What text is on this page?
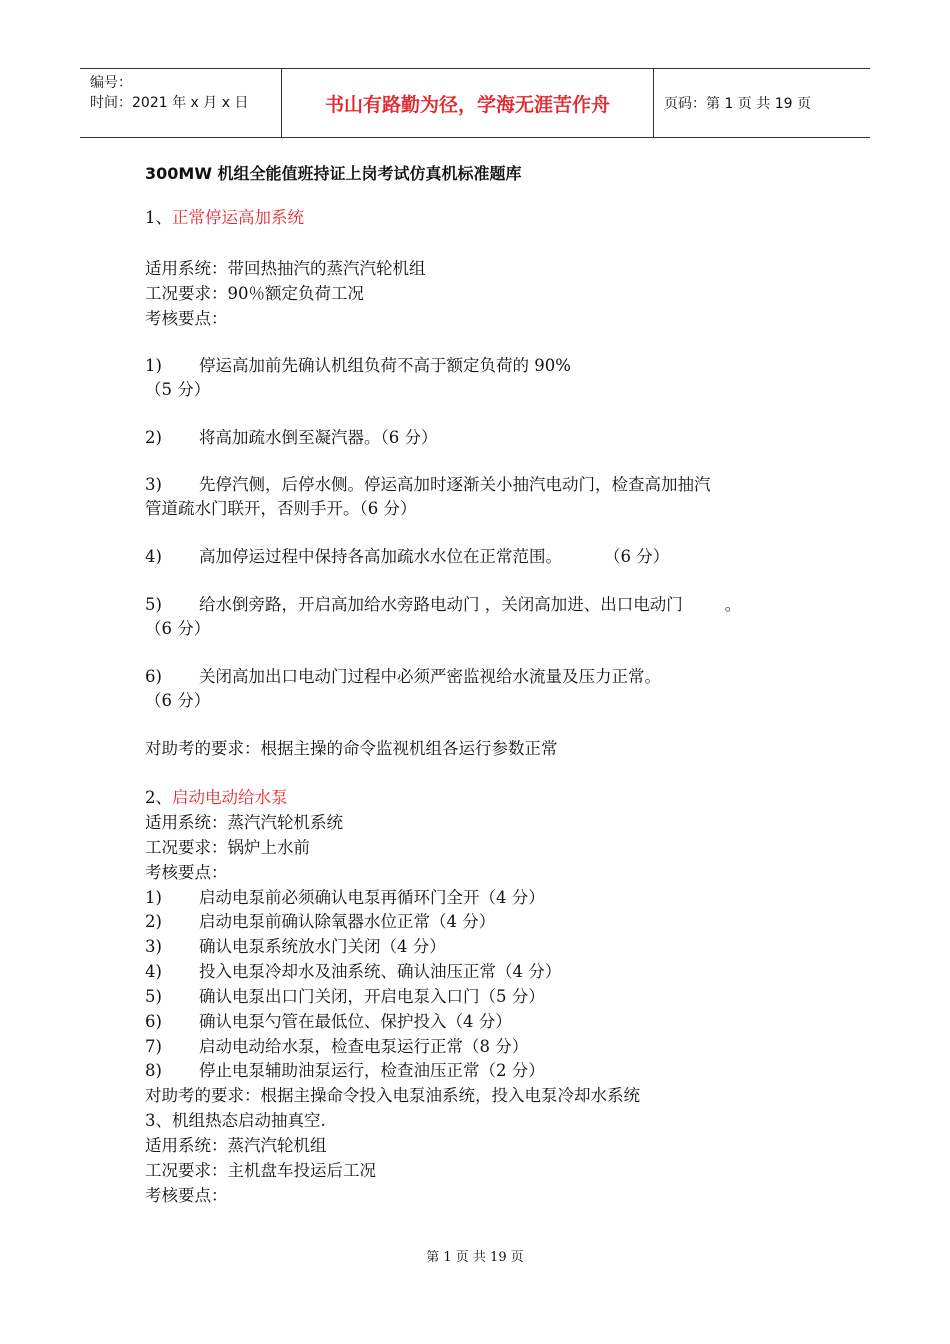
编号：
时间：2021 年 x 月 x 日	书山有路勤为径，学海无涯苦作舟	页码：第 1 页 共 19 页
300MW 机组全能值班持证上岗考试仿真机标准题库
1、正常停运高加系统
适用系统：带回热抽汽的蒸汽汽轮机组
工况要求：90％额定负荷工况
考核要点：
1) 停运高加前先确认机组负荷不高于额定负荷的 90%
（5 分）
2) 将高加疏水倒至凝汽器。（6 分）
3) 先停汽侧，后停水侧。停运高加时逐渐关小抽汽电动门，检查高加抽汽
管道疏水门联开，否则手开。（6 分）
4) 高加停运过程中保持各高加疏水水位在正常范围。        （6 分）
5) 给水倒旁路，开启高加给水旁路电动门 ，关闭高加进、出口电动门        。
（6 分）
6) 关闭高加出口电动门过程中必须严密监视给水流量及压力正常。
（6 分）
对助考的要求：根据主操的命令监视机组各运行参数正常
2、启动电动给水泵
适用系统：蒸汽汽轮机系统
工况要求：锅炉上水前
考核要点：
1) 启动电泵前必须确认电泵再循环门全开（4 分）
2) 启动电泵前确认除氧器水位正常（4 分）
3) 确认电泵系统放水门关闭（4 分）
4) 投入电泵冷却水及油系统、确认油压正常（4 分）
5) 确认电泵出口门关闭，开启电泵入口门（5 分）
6) 确认电泵勺管在最低位、保护投入（4 分）
7) 启动电动给水泵，检查电泵运行正常（8 分）
8) 停止电泵辅助油泵运行，检查油压正常（2 分）
对助考的要求：根据主操命令投入电泵油系统，投入电泵冷却水系统
3、机组热态启动抽真空.
适用系统：蒸汽汽轮机组
工况要求：主机盘车投运后工况
考核要点：
第 1 页 共 19 页
